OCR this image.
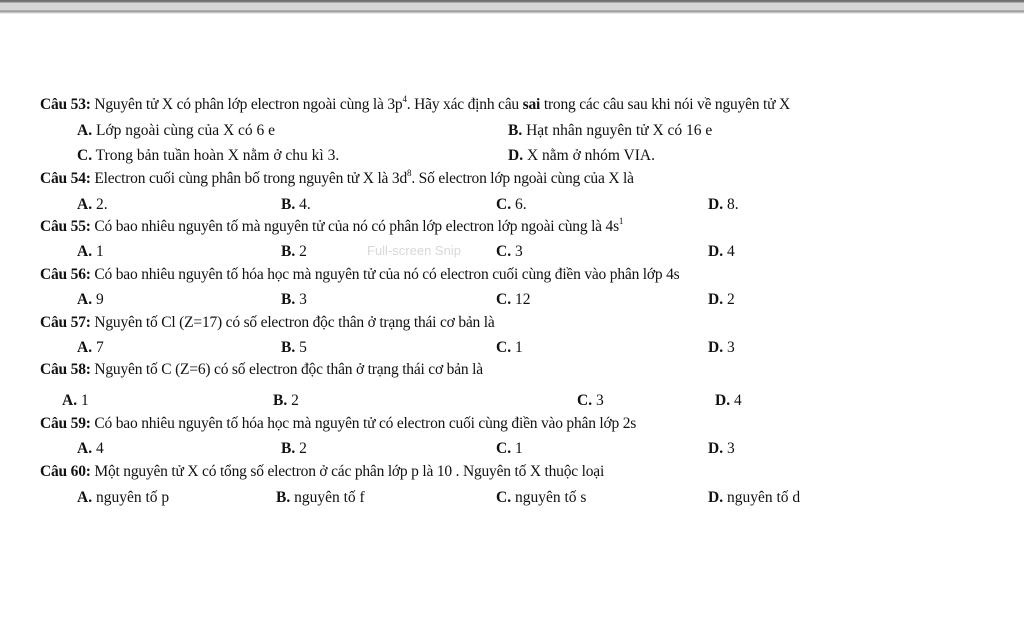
Câu 53: Nguyên tử X có phân lớp electron ngoài cùng là $3p^4$. Hãy xác định câu sai trong các câu sau khi nói về nguyên tử X
A. Lớp ngoài cùng của X có 6 e	B. Hạt nhân nguyên tử X có 16 e
C. Trong bản tuần hoàn X nằm ở chu kì 3.	D. X nằm ở nhóm VIA.
Câu 54: Electron cuối cùng phân bố trong nguyên tử X là $3d^8$. Số electron lớp ngoài cùng của X là
A. 2.	B. 4.	C. 6.	D. 8.
Câu 55: Có bao nhiêu nguyên tố mà nguyên tử của nó có phân lớp electron lớp ngoài cùng là $4s^1$
Full-screen Snip
A. 1	B. 2	C. 3	D. 4
Câu 56: Có bao nhiêu nguyên tố hóa học mà nguyên tử của nó có electron cuối cùng điền vào phân lớp 4s
A. 9	B. 3	C. 12	D. 2
Câu 57: Nguyên tố Cl (Z=17) có số electron độc thân ở trạng thái cơ bản là
A. 7	B. 5	C. 1	D. 3
Câu 58: Nguyên tố C (Z=6) có số electron độc thân ở trạng thái cơ bản là
A. 1	B. 2	C. 3	D. 4
Câu 59: Có bao nhiêu nguyên tố hóa học mà nguyên tử có electron cuối cùng điền vào phân lớp 2s
A. 4	B. 2	C. 1	D. 3
Câu 60: Một nguyên tử X có tổng số electron ở các phân lớp p là 10 . Nguyên tố X thuộc loại
A. nguyên tố p	B. nguyên tố f	C. nguyên tố s	D. nguyên tố d
